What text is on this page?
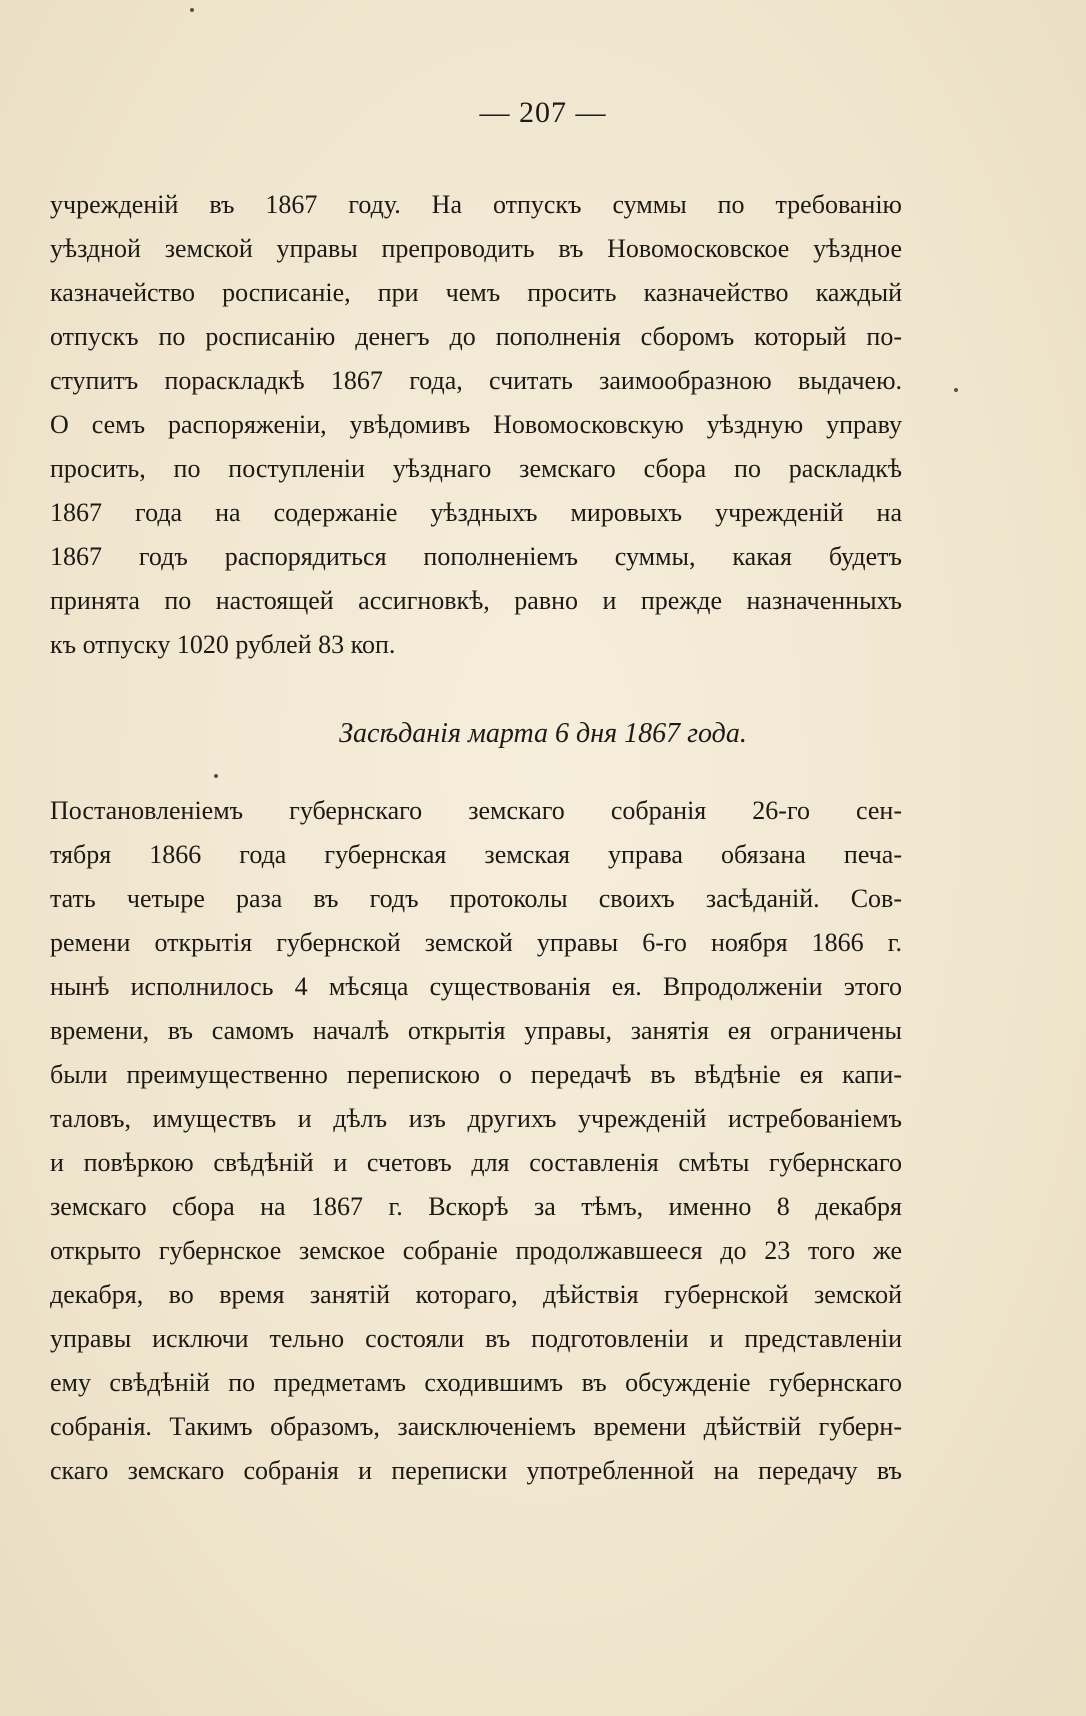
— 207 —
учрежденій въ 1867 году. На отпускъ суммы по требованію
уѣздной земской управы препроводить въ Новомосковское уѣздное
казначейство росписаніе, при чемъ просить казначейство каждый
отпускъ по росписанію денегъ до пополненія сборомъ который по-
ступитъ пораскладкѣ 1867 года, считать заимообразною выдачею.
О семъ распоряженіи, увѣдомивъ Новомосковскую уѣздную управу
просить, по поступленіи уѣзднаго земскаго сбора по раскладкѣ
1867 года на содержаніе уѣздныхъ мировыхъ учрежденій на
1867 годъ распорядиться пополненіемъ суммы, какая будетъ
принята по настоящей ассигновкѣ, равно и прежде назначенныхъ
къ отпуску 1020 рублей 83 коп.
Засѣданія марта 6 дня 1867 года.
Постановленіемъ губернскаго земскаго собранія 26-го сен-
тября 1866 года губернская земская управа обязана печа-
тать четыре раза въ годъ протоколы своихъ засѣданій. Сов-
ремени открытія губернской земской управы 6-го ноября 1866 г.
нынѣ исполнилось 4 мѣсяца существованія ея. Впродолженіи этого
времени, въ самомъ началѣ открытія управы, занятія ея ограничены
были преимущественно перепискою о передачѣ въ вѣдѣніе ея капи-
таловъ, имуществъ и дѣлъ изъ другихъ учрежденій истребованіемъ
и повѣркою свѣдѣній и счетовъ для составленія смѣты губернскаго
земскаго сбора на 1867 г. Вскорѣ за тѣмъ, именно 8 декабря
открыто губернское земское собраніе продолжавшееся до 23 того же
декабря, во время занятій котораго, дѣйствія губернской земской
управы исключи тельно состояли въ подготовленіи и представленіи
ему свѣдѣній по предметамъ сходившимъ въ обсужденіе губернскаго
собранія. Такимъ образомъ, заисключеніемъ времени дѣйствій губерн-
скаго земскаго собранія и переписки употребленной на передачу въ
